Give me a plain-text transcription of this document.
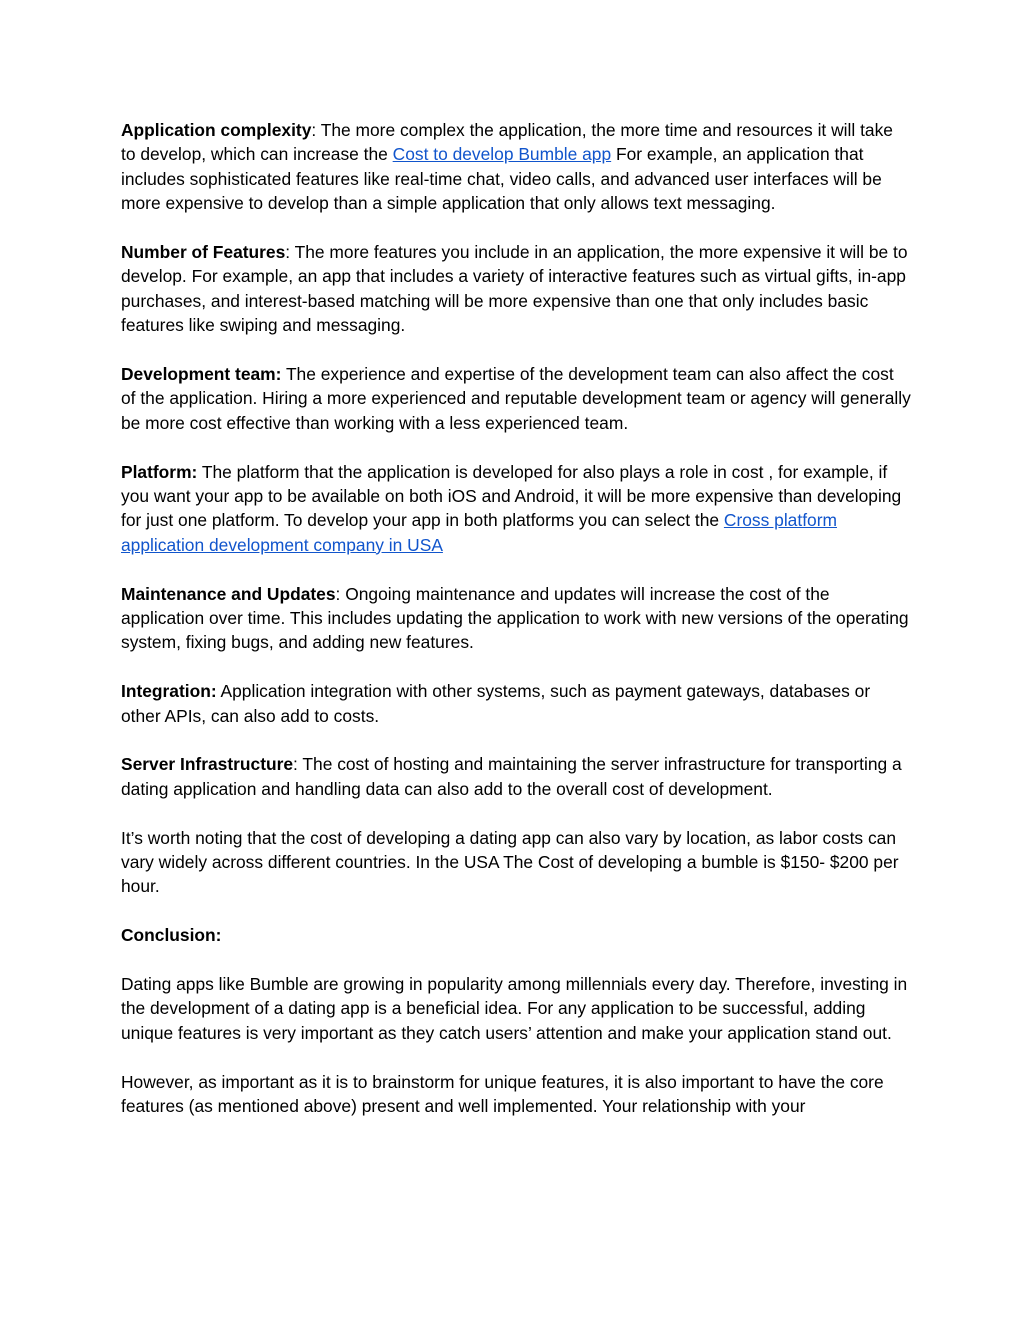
Application complexity: The more complex the application, the more time and resources it will take to develop, which can increase the Cost to develop Bumble app For example, an application that includes sophisticated features like real-time chat, video calls, and advanced user interfaces will be more expensive to develop than a simple application that only allows text messaging.

Number of Features: The more features you include in an application, the more expensive it will be to develop. For example, an app that includes a variety of interactive features such as virtual gifts, in-app purchases, and interest-based matching will be more expensive than one that only includes basic features like swiping and messaging.

Development team: The experience and expertise of the development team can also affect the cost of the application. Hiring a more experienced and reputable development team or agency will generally be more cost effective than working with a less experienced team.

Platform: The platform that the application is developed for also plays a role in cost , for example, if you want your app to be available on both iOS and Android, it will be more expensive than developing for just one platform. To develop your app in both platforms you can select the Cross platform application development company in USA

Maintenance and Updates: Ongoing maintenance and updates will increase the cost of the application over time. This includes updating the application to work with new versions of the operating system, fixing bugs, and adding new features.

Integration: Application integration with other systems, such as payment gateways, databases or other APIs, can also add to costs.

Server Infrastructure: The cost of hosting and maintaining the server infrastructure for transporting a dating application and handling data can also add to the overall cost of development.

It’s worth noting that the cost of developing a dating app can also vary by location, as labor costs can vary widely across different countries. In the USA The Cost of developing a bumble is $150- $200 per hour.

Conclusion:

Dating apps like Bumble are growing in popularity among millennials every day. Therefore, investing in the development of a dating app is a beneficial idea. For any application to be successful, adding unique features is very important as they catch users’ attention and make your application stand out.

However, as important as it is to brainstorm for unique features, it is also important to have the core features (as mentioned above) present and well implemented. Your relationship with your
